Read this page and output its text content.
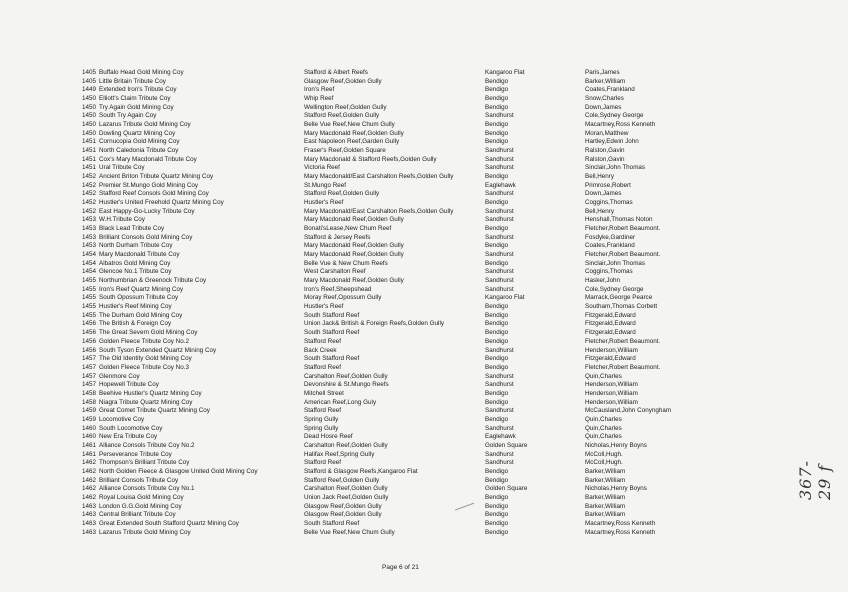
1405 Buffalo Head Gold Mining Coy	Stafford & Albert Reefs	Kangaroo Flat	Paris,James
1405 Little Britain Tribute Coy	Glasgow Reef,Golden Gully	Bendigo	Barker,William
1449 Extended Iron's Tribute Coy	Iron's Reef	Bendigo	Coates,Frankland
1450 Elliott's Claim Tribute Coy	Whip Reef	Bendigo	Snow,Charles
1450 Try Again Gold Mining Coy	Wellington Reef,Golden Gully	Bendigo	Down,James
1450 South Try Again Coy	Stafford Reef,Golden Gully	Sandhurst	Cole,Sydney George
1450 Lazarus Tribute Gold Mining Coy	Belle Vue Reef,New Chum Gully	Bendigo	Macartney,Ross Kenneth
1450 Dowling Quartz Mining Coy	Mary Macdonald Reef,Golden Gully	Bendigo	Moran,Matthew
1451 Cornucopia Gold Mining Coy	East Napoleon Reef,Garden Gully	Bendigo	Hartley,Edwin John
1451 North Caledonia Tribute Coy	Fraser's Reef,Golden Square	Sandhurst	Ralston,Gavin
1451 Cox's Mary Macdonald Tribute Coy	Mary Macdonald & Stafford Reefs,Golden Gully	Sandhurst	Ralston,Gavin
1451 Ural Tribute Coy	Victoria Reef	Sandhurst	Sinclair,John Thomas
1452 Ancient Briton Tribute Quartz Mining Coy	Mary Macdonald/East Carshalton Reefs,Golden Gully	Bendigo	Bell,Henry
1452 Premier St.Mungo Gold Mining Coy	St.Mungo Reef	Eaglehawk	Primrose,Robert
1452 Stafford Reef Consols Gold Mining Coy	Stafford Reef,Golden Gully	Sandhurst	Down,James
1452 Hustler's United Freehold Quartz Mining Coy	Hustler's Reef	Bendigo	Coggins,Thomas
1452 East Happy-Go-Lucky Tribute Coy	Mary Macdonald/East Carshalton Reefs,Golden Gully	Sandhurst	Bell,Henry
1453 W.H.Tribute Coy	Mary Macdonald Reef,Golden Gully	Sandhurst	Henshall,Thomas Noton
1453 Black Lead Tribute Coy	Bonati'sLease,New Chum Reef	Bendigo	Fletcher,Robert Beaumont.
1453 Brilliant Consols Gold Mining Coy	Stafford & Jersey Reefs	Sandhurst	Fosdyke,Gardiner
1453 North Durham Tribute Coy	Mary Macdonald Reef,Golden Gully	Bendigo	Coates,Frankland
1454 Mary Macdonald Tribute Coy	Mary Macdonald Reef,Golden Gully	Sandhurst	Fletcher,Robert Beaumont.
1454 Albatros Gold Mining Coy	Belle Vue & New Chum Reefs	Bendigo	Sinclair,John Thomas
1454 Glencoe No.1 Tribute Coy	West Carshalton Reef	Sandhurst	Coggins,Thomas
1455 Northumbrian & Greenock Tribute Coy	Mary Macdonald Reef,Golden Gully	Sandhurst	Hasker,John
1455 Iron's Reef Quartz Mining Coy	Iron's Reef,Sheepshead	Sandhurst	Cole,Sydney George
1455 South Opossum Tribute Coy	Moray Reef,Opossum Gully	Kangaroo Flat	Marrack,George Pearce
1455 Hustler's Reef Mining Coy	Hustler's Reef	Bendigo	Southam,Thomas Corbett
1455 The Durham Gold Mining Coy	South Stafford Reef	Bendigo	Fitzgerald,Edward
1456 The British & Foreign Coy	Union Jack& British & Foreign Reefs,Golden Gully	Bendigo	Fitzgerald,Edward
1456 The Great Severn Gold Mining Coy	South Stafford Reef	Bendigo	Fitzgerald,Edward
1456 Golden Fleece Tribute Coy No.2	Stafford Reef	Bendigo	Fletcher,Robert Beaumont.
1456 South Tyson Extended Quartz Mining Coy	Back Creek	Sandhurst	Henderson,William
1457 The Old Identity Gold Mining Coy	South Stafford Reef	Bendigo	Fitzgerald,Edward
1457 Golden Fleece Tribute Coy No.3	Stafford Reef	Bendigo	Fletcher,Robert Beaumont.
1457 Glenmore Coy	Carshalton Reef,Golden Gully	Sandhurst	Quin,Charles
1457 Hopewell Tribute Coy	Devonshire & St.Mungo Reefs	Sandhurst	Henderson,William
1458 Beehive Hustler's Quartz Mining Coy	Mitchell Street	Bendigo	Henderson,William
1458 Niagra Tribute Quartz Mining Coy	American Reef,Long Guly	Bendigo	Henderson,William
1459 Great Comet Tribute Quartz Mining Coy	Stafford Reef	Sandhurst	McCausland,John Conyngham
1459 Locomotive Coy	Spring Gully	Bendigo	Quin,Charles
1460 South Locomotive Coy	Spring Gully	Sandhurst	Quin,Charles
1460 New Era Tribute Coy	Dead Hosre Reef	Eaglehawk	Quin,Charles
1461 Alliance Consols Tribute Coy No.2	Carshalton Reef,Golden Gully	Golden Square	Nicholas,Henry Boyns
1461 Perseverance Tribute Coy	Halifax Reef,Spring Gully	Sandhurst	McColl,Hugh.
1462 Thompson's Brilliant Tribute Coy	Stafford Reef	Sandhurst	McColl,Hugh.
1462 North Golden Fleece & Glasgow United Gold Mining Coy	Stafford & Glasgow Reefs,Kangaroo Flat	Bendigo	Barker,William
1462 Brilliant Consols Tribute Coy	Stafford Reef,Golden Gully	Bendigo	Barker,William
1462 Alliance Consols Tribute Coy No.1	Carshalton Reef,Golden Gully	Golden Square	Nicholas,Henry Boyns
1462 Royal Louisa Gold Mining Coy	Union Jack Reef,Golden Gully	Bendigo	Barker,William
1463 London G.G.Gold Mining Coy	Glasgow Reef,Golden Gully	Bendigo	Barker,William
1463 Central Brilliant Tribute Coy	Glasgow Reef,Golden Gully	Bendigo	Barker,William
1463 Great Extended South Stafford Quartz Mining Coy	South Stafford Reef	Bendigo	Macartney,Ross Kenneth
1463 Lazarus Tribute Gold Mining Coy	Belle Vue Reef,New Chum Gully	Bendigo	Macartney,Ross Kenneth
Page 6 of 21
367-29 f
